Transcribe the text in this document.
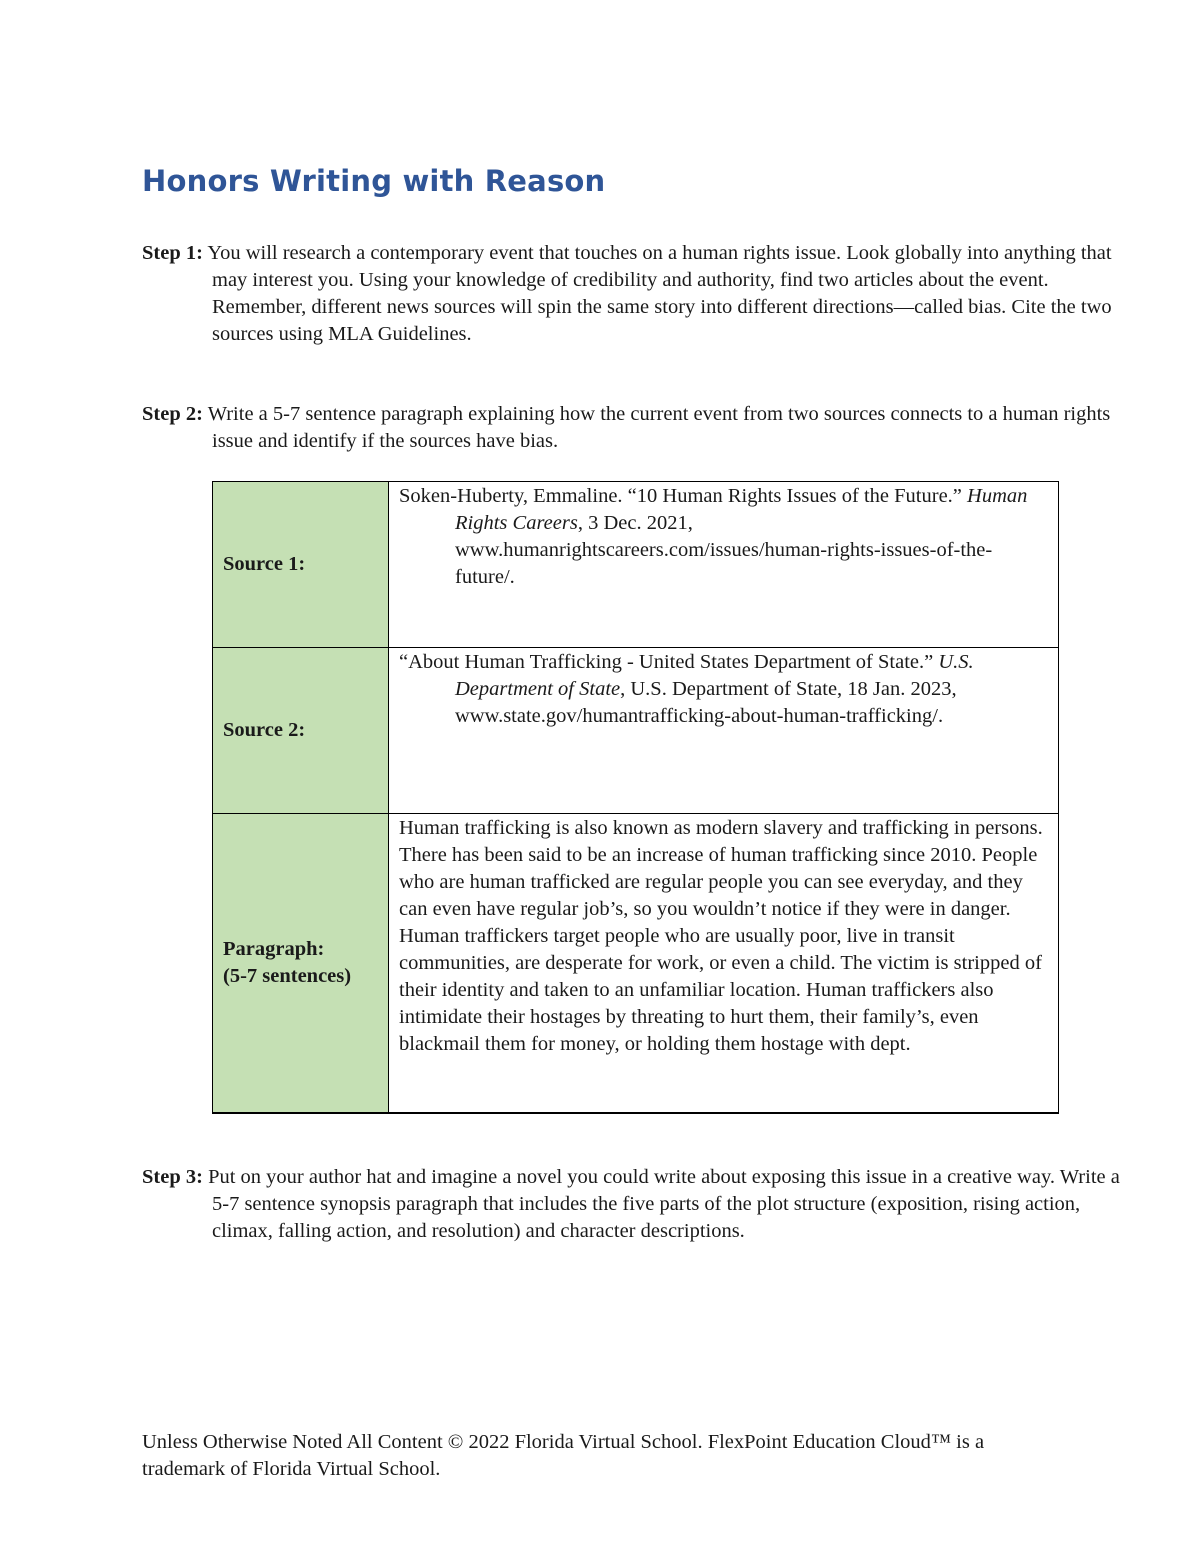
Honors Writing with Reason

Step 1: You will research a contemporary event that touches on a human rights issue. Look globally into anything that may interest you. Using your knowledge of credibility and authority, find two articles about the event. Remember, different news sources will spin the same story into different directions—called bias. Cite the two sources using MLA Guidelines.

Step 2: Write a 5-7 sentence paragraph explaining how the current event from two sources connects to a human rights issue and identify if the sources have bias.

Source 1:	Soken-Huberty, Emmaline. “10 Human Rights Issues of the Future.” Human Rights Careers, 3 Dec. 2021, www.humanrightscareers.com/issues/human-rights-issues-of-the-future/.

Source 2:	“About Human Trafficking - United States Department of State.” U.S. Department of State, U.S. Department of State, 18 Jan. 2023, www.state.gov/humantrafficking-about-human-trafficking/.

Paragraph:
(5-7 sentences)	Human trafficking is also known as modern slavery and trafficking in persons. There has been said to be an increase of human trafficking since 2010. People who are human trafficked are regular people you can see everyday, and they can even have regular job’s, so you wouldn’t notice if they were in danger. Human traffickers target people who are usually poor, live in transit communities, are desperate for work, or even a child. The victim is stripped of their identity and taken to an unfamiliar location. Human traffickers also intimidate their hostages by threating to hurt them, their family’s, even blackmail them for money, or holding them hostage with dept.

Step 3: Put on your author hat and imagine a novel you could write about exposing this issue in a creative way. Write a 5-7 sentence synopsis paragraph that includes the five parts of the plot structure (exposition, rising action, climax, falling action, and resolution) and character descriptions.

Unless Otherwise Noted All Content © 2022 Florida Virtual School. FlexPoint Education Cloud™ is a trademark of Florida Virtual School.
